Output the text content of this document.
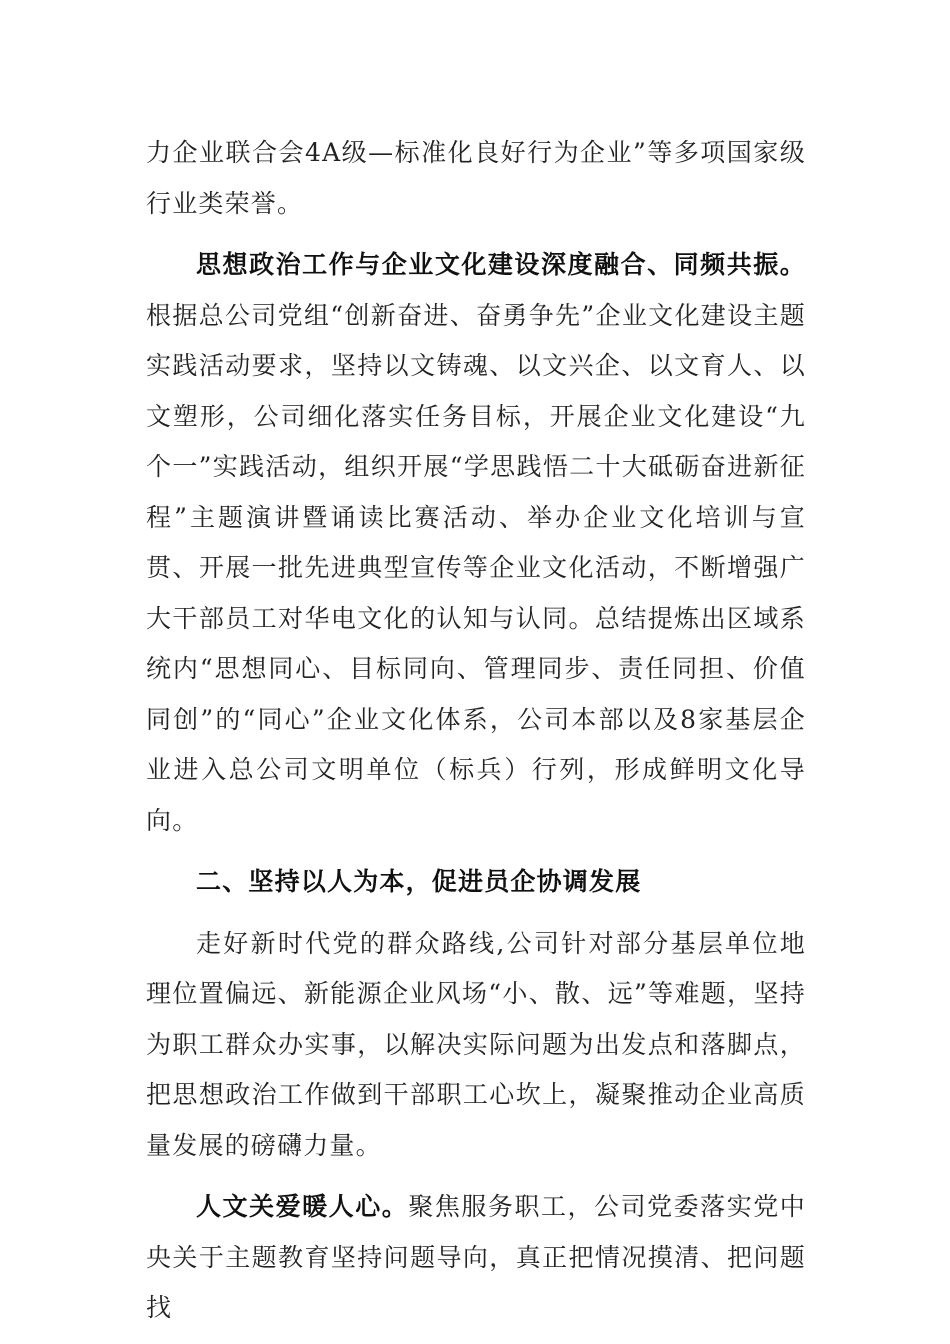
力企业联合会4A级—标准化良好行为企业”等多项国家级行业类荣誉。

思想政治工作与企业文化建设深度融合、同频共振。根据总公司党组“创新奋进、奋勇争先”企业文化建设主题实践活动要求，坚持以文铸魂、以文兴企、以文育人、以文塑形，公司细化落实任务目标，开展企业文化建设“九个一”实践活动，组织开展“学思践悟二十大砥砺奋进新征程”主题演讲暨诵读比赛活动、举办企业文化培训与宣贯、开展一批先进典型宣传等企业文化活动，不断增强广大干部员工对华电文化的认知与认同。总结提炼出区域系统内“思想同心、目标同向、管理同步、责任同担、价值同创”的“同心”企业文化体系，公司本部以及8家基层企业进入总公司文明单位（标兵）行列，形成鲜明文化导向。

二、坚持以人为本，促进员企协调发展

走好新时代党的群众路线,公司针对部分基层单位地理位置偏远、新能源企业风场“小、散、远”等难题，坚持为职工群众办实事，以解决实际问题为出发点和落脚点，把思想政治工作做到干部职工心坎上，凝聚推动企业高质量发展的磅礴力量。

人文关爱暖人心。聚焦服务职工，公司党委落实党中央关于主题教育坚持问题导向，真正把情况摸清、把问题找
